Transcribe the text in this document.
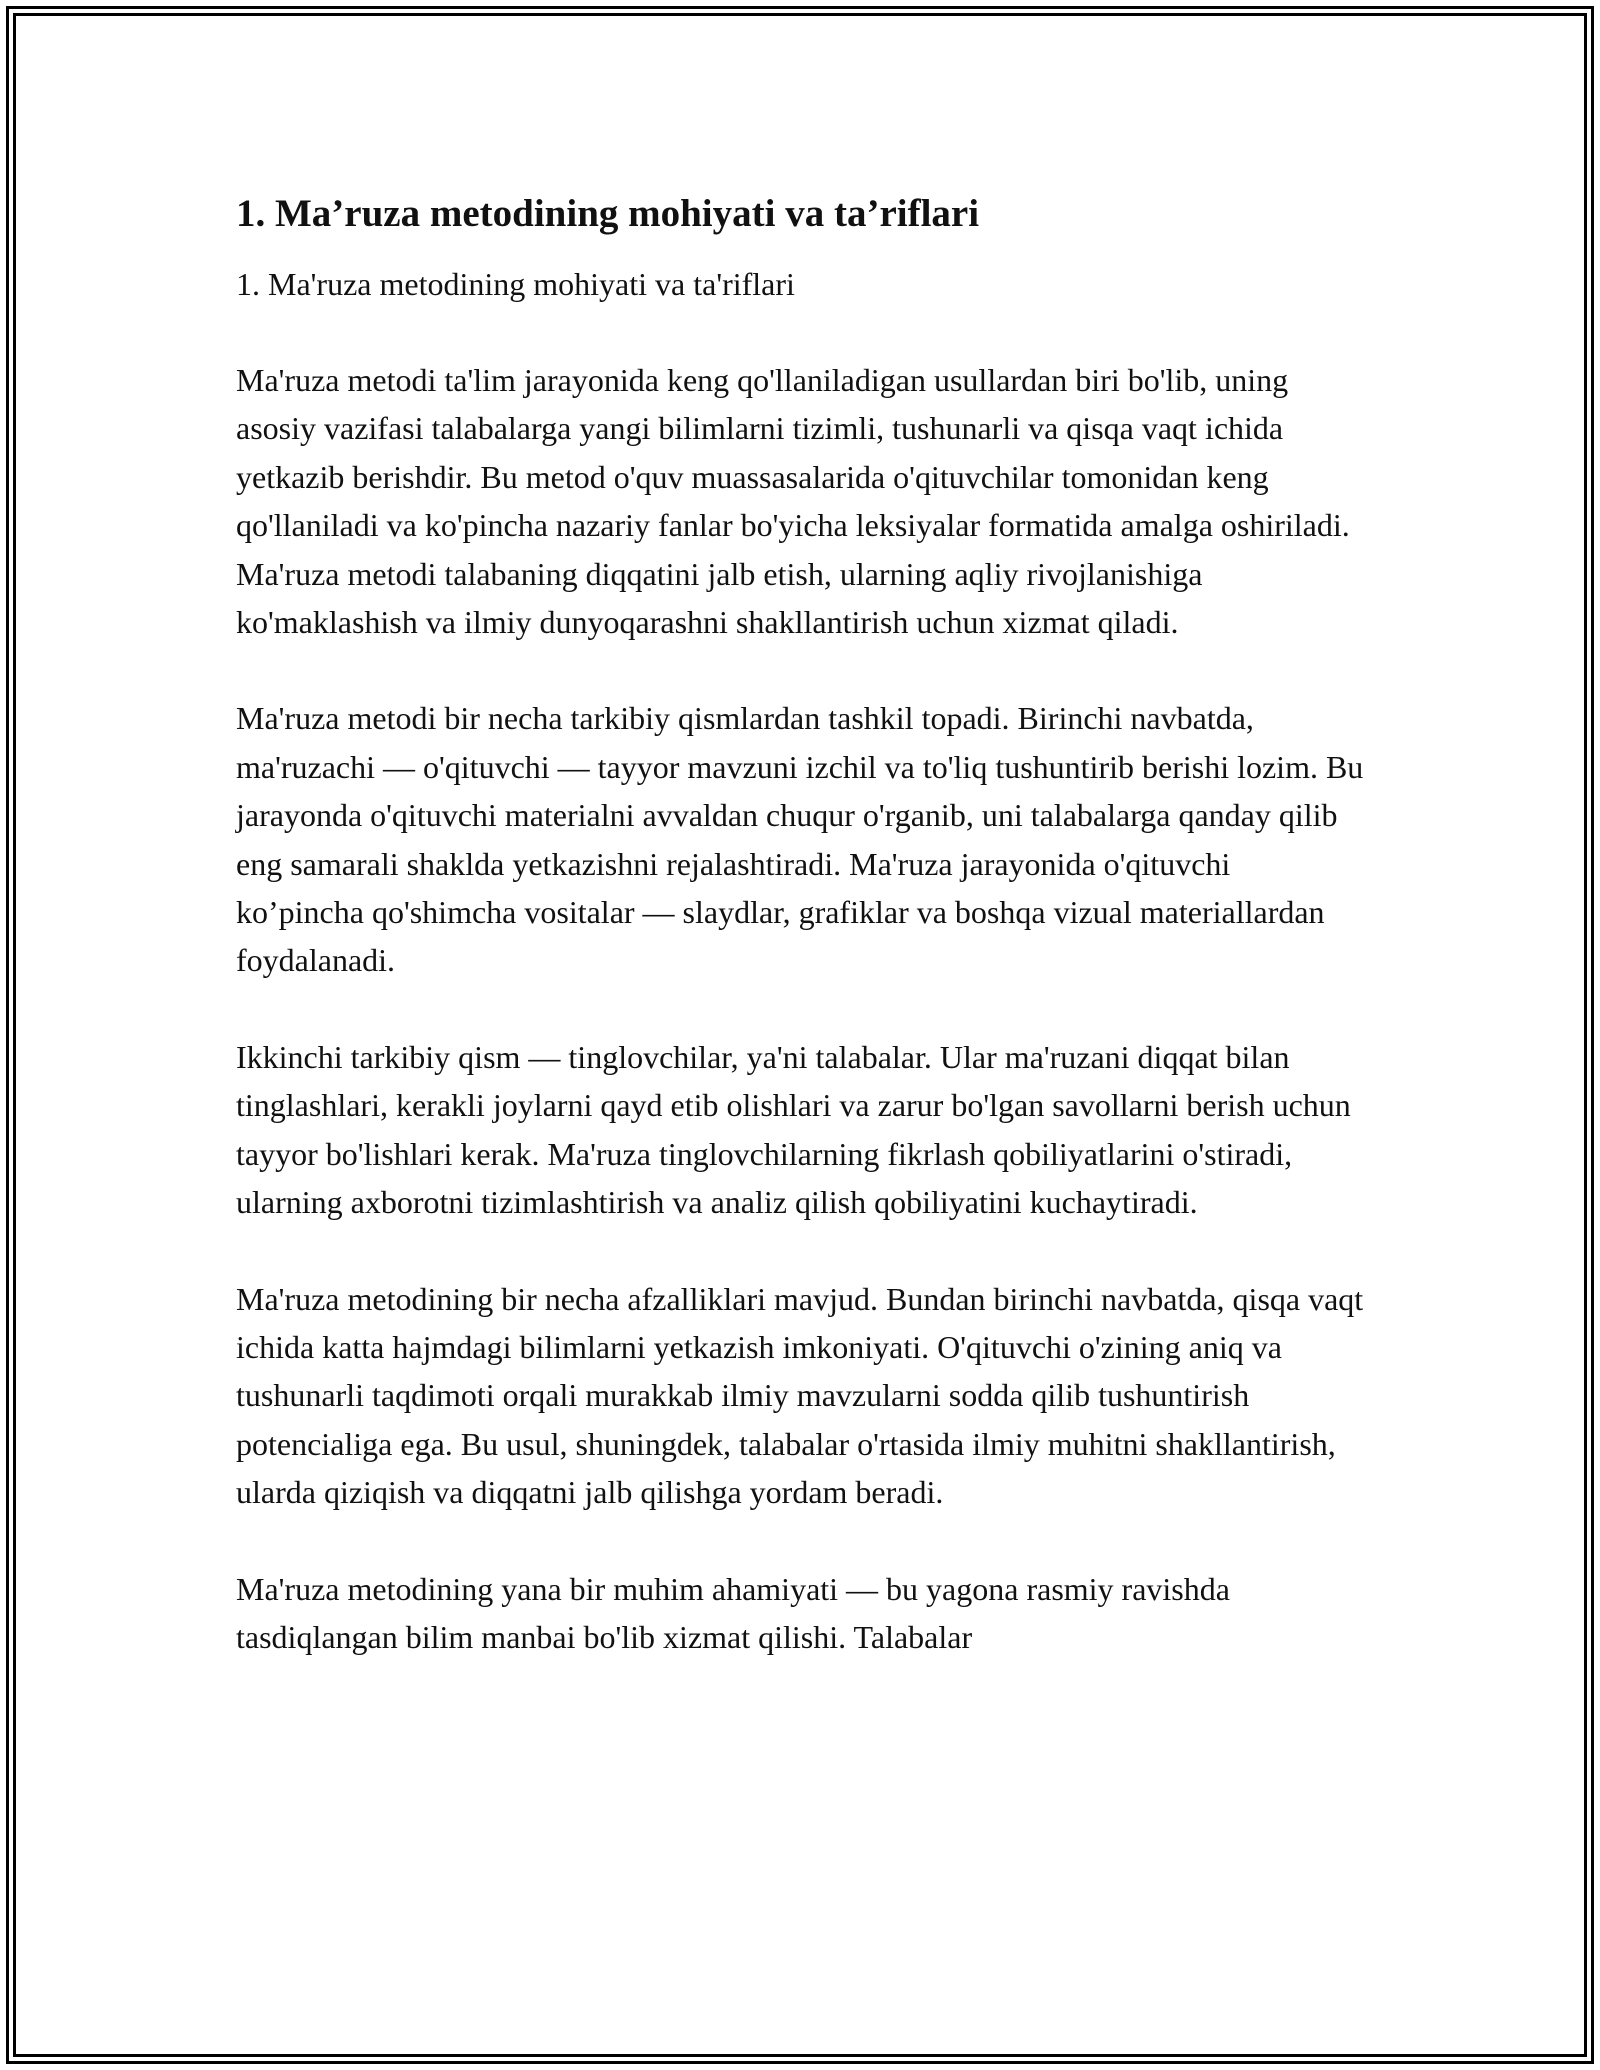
1. Ma’ruza metodining mohiyati va ta’riflari

1. Ma'ruza metodining mohiyati va ta'riflari

Ma'ruza metodi ta'lim jarayonida keng qo'llaniladigan usullardan biri bo'lib, uning asosiy vazifasi talabalarga yangi bilimlarni tizimli, tushunarli va qisqa vaqt ichida yetkazib berishdir. Bu metod o'quv muassasalarida o'qituvchilar tomonidan keng qo'llaniladi va ko'pincha nazariy fanlar bo'yicha leksiyalar formatida amalga oshiriladi. Ma'ruza metodi talabaning diqqatini jalb etish, ularning aqliy rivojlanishiga ko'maklashish va ilmiy dunyoqarashni shakllantirish uchun xizmat qiladi.

Ma'ruza metodi bir necha tarkibiy qismlardan tashkil topadi. Birinchi navbatda, ma'ruzachi — o'qituvchi — tayyor mavzuni izchil va to'liq tushuntirib berishi lozim. Bu jarayonda o'qituvchi materialni avvaldan chuqur o'rganib, uni talabalarga qanday qilib eng samarali shaklda yetkazishni rejalashtiradi. Ma'ruza jarayonida o'qituvchi ko’pincha qo'shimcha vositalar — slaydlar, grafiklar va boshqa vizual materiallardan foydalanadi.

Ikkinchi tarkibiy qism — tinglovchilar, ya'ni talabalar. Ular ma'ruzani diqqat bilan tinglashlari, kerakli joylarni qayd etib olishlari va zarur bo'lgan savollarni berish uchun tayyor bo'lishlari kerak. Ma'ruza tinglovchilarning fikrlash qobiliyatlarini o'stiradi, ularning axborotni tizimlashtirish va analiz qilish qobiliyatini kuchaytiradi.

Ma'ruza metodining bir necha afzalliklari mavjud. Bundan birinchi navbatda, qisqa vaqt ichida katta hajmdagi bilimlarni yetkazish imkoniyati. O'qituvchi o'zining aniq va tushunarli taqdimoti orqali murakkab ilmiy mavzularni sodda qilib tushuntirish potencialiga ega. Bu usul, shuningdek, talabalar o'rtasida ilmiy muhitni shakllantirish, ularda qiziqish va diqqatni jalb qilishga yordam beradi.

Ma'ruza metodining yana bir muhim ahamiyati — bu yagona rasmiy ravishda tasdiqlangan bilim manbai bo'lib xizmat qilishi. Talabalar
